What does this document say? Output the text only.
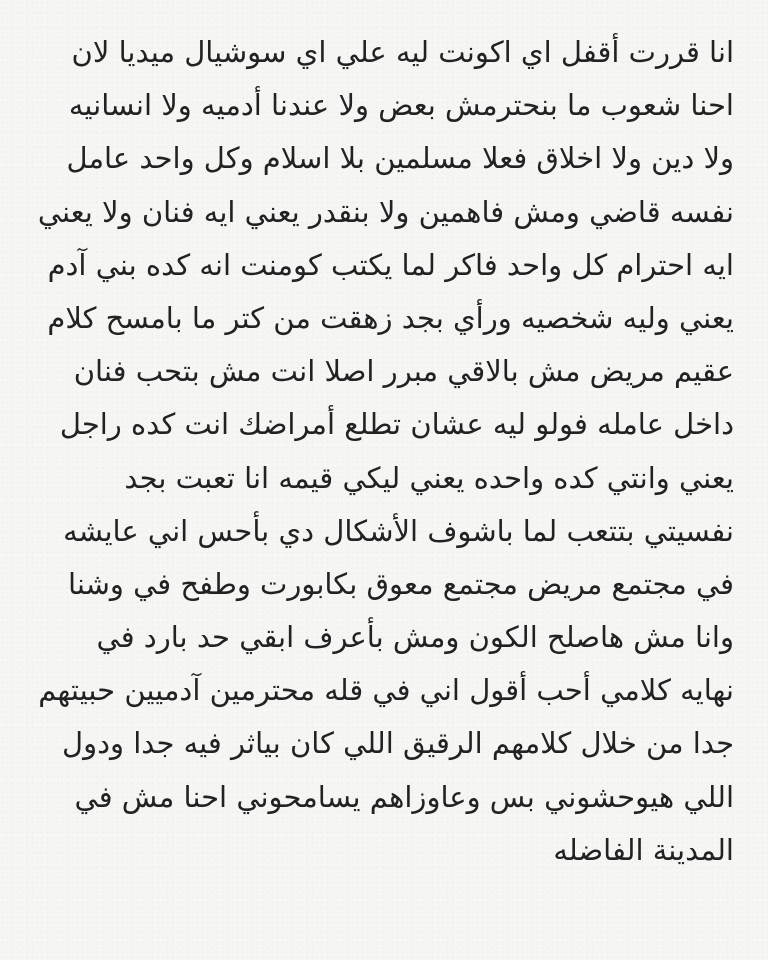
انا قررت أقفل اي اكونت ليه علي اي سوشيال ميديا لان
احنا شعوب ما بنحترمش بعض ولا عندنا أدميه ولا انسانيه
ولا دين ولا اخلاق فعلا مسلمين بلا اسلام وكل واحد عامل
نفسه قاضي ومش فاهمين ولا بنقدر يعني ايه فنان ولا يعني
ايه احترام كل واحد فاكر لما يكتب كومنت انه كده بني آدم
يعني وليه شخصيه ورأي بجد زهقت من كتر ما بامسح كلام
عقيم مريض مش بالاقي مبرر اصلا انت مش بتحب فنان
داخل عامله فولو ليه عشان تطلع أمراضك انت كده راجل
يعني وانتي كده واحده يعني ليكي قيمه انا تعبت بجد
نفسيتي بتتعب لما باشوف الأشكال دي بأحس اني عايشه
في مجتمع مريض مجتمع معوق بكابورت وطفح في وشنا
وانا مش هاصلح الكون ومش بأعرف ابقي حد بارد في
نهايه كلامي أحب أقول اني في قله محترمين آدميين حبيتهم
جدا من خلال كلامهم الرقيق اللي كان بياثر فيه جدا ودول
اللي هيوحشوني بس وعاوزاهم يسامحوني احنا مش في
المدينة الفاضله
